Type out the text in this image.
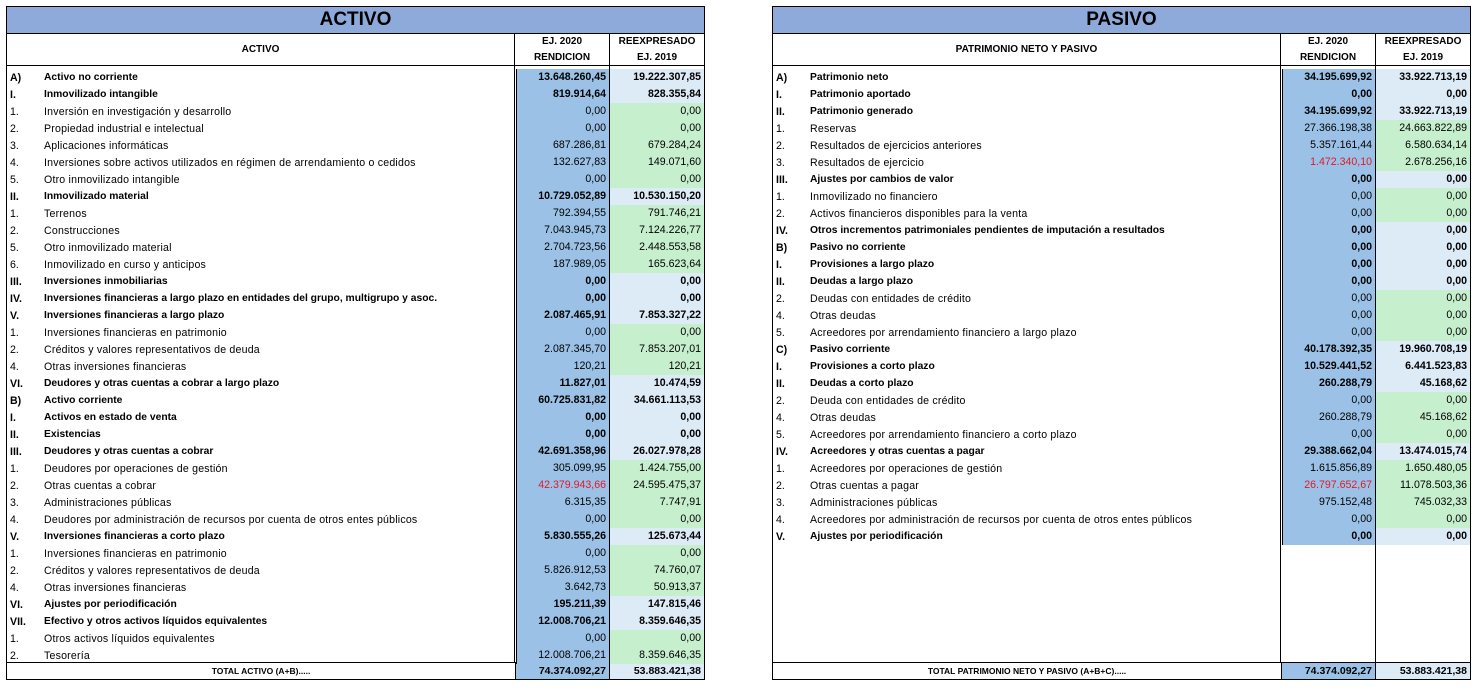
ACTIVO
ACTIVO
EJ. 2020
RENDICION
REEXPRESADO
EJ. 2019
A)	Activo no corriente	13.648.260,45	19.222.307,85
I.	Inmovilizado intangible	819.914,64	828.355,84
1.	Inversión en investigación y desarrollo	0,00	0,00
2.	Propiedad industrial e intelectual	0,00	0,00
3.	Aplicaciones informáticas	687.286,81	679.284,24
4.	Inversiones sobre activos utilizados en régimen de arrendamiento o cedidos	132.627,83	149.071,60
5.	Otro inmovilizado intangible	0,00	0,00
II.	Inmovilizado material	10.729.052,89	10.530.150,20
1.	Terrenos	792.394,55	791.746,21
2.	Construcciones	7.043.945,73	7.124.226,77
5.	Otro inmovilizado material	2.704.723,56	2.448.553,58
6.	Inmovilizado en curso y anticipos	187.989,05	165.623,64
III.	Inversiones inmobiliarias	0,00	0,00
IV.	Inversiones financieras a largo plazo en entidades del grupo, multigrupo y asoc.	0,00	0,00
V.	Inversiones financieras a largo plazo	2.087.465,91	7.853.327,22
1.	Inversiones financieras en patrimonio	0,00	0,00
2.	Créditos y valores representativos de deuda	2.087.345,70	7.853.207,01
4.	Otras inversiones financieras	120,21	120,21
VI.	Deudores y otras cuentas a cobrar a largo plazo	11.827,01	10.474,59
B)	Activo corriente	60.725.831,82	34.661.113,53
I.	Activos en estado de venta	0,00	0,00
II.	Existencias	0,00	0,00
III.	Deudores y otras cuentas a cobrar	42.691.358,96	26.027.978,28
1.	Deudores por operaciones de gestión	305.099,95	1.424.755,00
2.	Otras cuentas a cobrar	42.379.943,66	24.595.475,37
3.	Administraciones públicas	6.315,35	7.747,91
4.	Deudores por administración de recursos por cuenta de otros entes públicos	0,00	0,00
V.	Inversiones financieras a corto plazo	5.830.555,26	125.673,44
1.	Inversiones financieras en patrimonio	0,00	0,00
2.	Créditos y valores representativos de deuda	5.826.912,53	74.760,07
4.	Otras inversiones financieras	3.642,73	50.913,37
VI.	Ajustes por periodificación	195.211,39	147.815,46
VII.	Efectivo y otros activos líquidos equivalentes	12.008.706,21	8.359.646,35
1.	Otros activos líquidos equivalentes	0,00	0,00
2.	Tesorería	12.008.706,21	8.359.646,35
TOTAL ACTIVO (A+B).....	74.374.092,27	53.883.421,38
PASIVO
PATRIMONIO NETO Y PASIVO
EJ. 2020
RENDICION
REEXPRESADO
EJ. 2019
A)	Patrimonio neto	34.195.699,92	33.922.713,19
I.	Patrimonio aportado	0,00	0,00
II.	Patrimonio generado	34.195.699,92	33.922.713,19
1.	Reservas	27.366.198,38	24.663.822,89
2.	Resultados de ejercicios anteriores	5.357.161,44	6.580.634,14
3.	Resultados de ejercicio	1.472.340,10	2.678.256,16
III.	Ajustes por cambios de valor	0,00	0,00
1.	Inmovilizado no financiero	0,00	0,00
2.	Activos financieros disponibles para la venta	0,00	0,00
IV.	Otros incrementos patrimoniales pendientes de imputación a resultados	0,00	0,00
B)	Pasivo no corriente	0,00	0,00
I.	Provisiones a largo plazo	0,00	0,00
II.	Deudas a largo plazo	0,00	0,00
2.	Deudas con entidades de crédito	0,00	0,00
4.	Otras deudas	0,00	0,00
5.	Acreedores por arrendamiento financiero a largo plazo	0,00	0,00
C)	Pasivo corriente	40.178.392,35	19.960.708,19
I.	Provisiones a corto plazo	10.529.441,52	6.441.523,83
II.	Deudas a corto plazo	260.288,79	45.168,62
2.	Deuda con entidades de crédito	0,00	0,00
4.	Otras deudas	260.288,79	45.168,62
5.	Acreedores por arrendamiento financiero a corto plazo	0,00	0,00
IV.	Acreedores y otras cuentas a pagar	29.388.662,04	13.474.015,74
1.	Acreedores por operaciones de gestión	1.615.856,89	1.650.480,05
2.	Otras cuentas a pagar	26.797.652,67	11.078.503,36
3.	Administraciones públicas	975.152,48	745.032,33
4.	Acreedores por administración de recursos por cuenta de otros entes públicos	0,00	0,00
V.	Ajustes por periodificación	0,00	0,00
TOTAL PATRIMONIO NETO Y PASIVO (A+B+C).....	74.374.092,27	53.883.421,38
